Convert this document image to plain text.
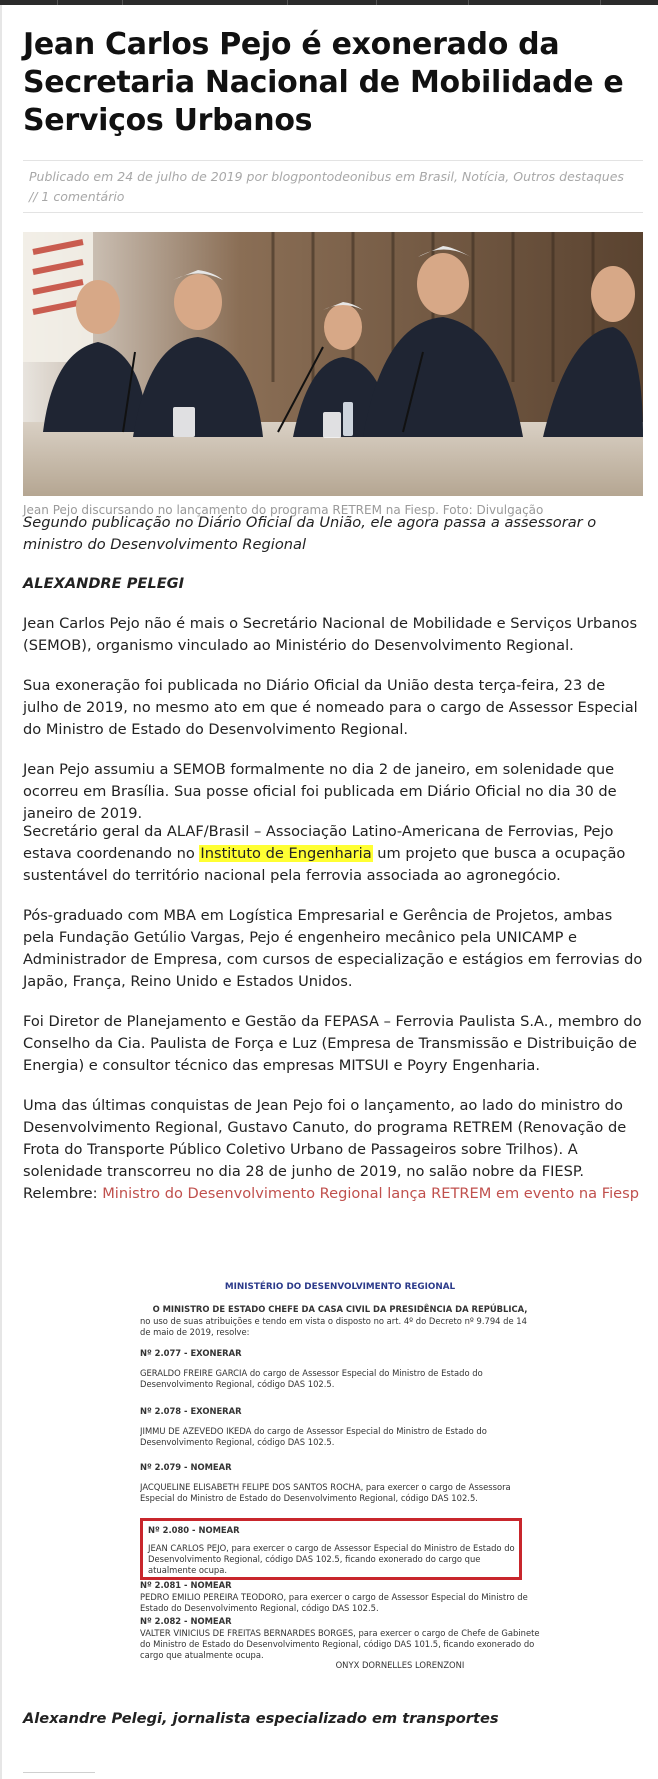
Jean Carlos Pejo é exonerado da Secretaria Nacional de Mobilidade e Serviços Urbanos
Publicado em 24 de julho de 2019 por blogpontodeonibus em Brasil, Notícia, Outros destaques // 1 comentário
Jean Pejo discursando no lançamento do programa RETREM na Fiesp. Foto: Divulgação

Segundo publicação no Diário Oficial da União, ele agora passa a assessorar o ministro do Desenvolvimento Regional

ALEXANDRE PELEGI

Jean Carlos Pejo não é mais o Secretário Nacional de Mobilidade e Serviços Urbanos (SEMOB), organismo vinculado ao Ministério do Desenvolvimento Regional.

Sua exoneração foi publicada no Diário Oficial da União desta terça-feira, 23 de julho de 2019, no mesmo ato em que é nomeado para o cargo de Assessor Especial do Ministro de Estado do Desenvolvimento Regional.

Jean Pejo assumiu a SEMOB formalmente no dia 2 de janeiro, em solenidade que ocorreu em Brasília. Sua posse oficial foi publicada em Diário Oficial no dia 30 de janeiro de 2019.

Secretário geral da ALAF/Brasil – Associação Latino-Americana de Ferrovias, Pejo estava coordenando no Instituto de Engenharia um projeto que busca a ocupação sustentável do território nacional pela ferrovia associada ao agronegócio.

Pós-graduado com MBA em Logística Empresarial e Gerência de Projetos, ambas pela Fundação Getúlio Vargas, Pejo é engenheiro mecânico pela UNICAMP e Administrador de Empresa, com cursos de especialização e estágios em ferrovias do Japão, França, Reino Unido e Estados Unidos.

Foi Diretor de Planejamento e Gestão da FEPASA – Ferrovia Paulista S.A., membro do Conselho da Cia. Paulista de Força e Luz (Empresa de Transmissão e Distribuição de Energia) e consultor técnico das empresas MITSUI e Poyry Engenharia.

Uma das últimas conquistas de Jean Pejo foi o lançamento, ao lado do ministro do Desenvolvimento Regional, Gustavo Canuto, do programa RETREM (Renovação de Frota do Transporte Público Coletivo Urbano de Passageiros sobre Trilhos). A solenidade transcorreu no dia 28 de junho de 2019, no salão nobre da FIESP. Relembre: Ministro do Desenvolvimento Regional lança RETREM em evento na Fiesp

MINISTÉRIO DO DESENVOLVIMENTO REGIONAL

O MINISTRO DE ESTADO CHEFE DA CASA CIVIL DA PRESIDÊNCIA DA REPÚBLICA,

no uso de suas atribuições e tendo em vista o disposto no art. 4º do Decreto nº 9.794 de 14 de maio de 2019, resolve:

Nº 2.077 - EXONERAR

GERALDO FREIRE GARCIA do cargo de Assessor Especial do Ministro de Estado do Desenvolvimento Regional, código DAS 102.5.

Nº 2.078 - EXONERAR

JIMMU DE AZEVEDO IKEDA do cargo de Assessor Especial do Ministro de Estado do Desenvolvimento Regional, código DAS 102.5.

Nº 2.079 - NOMEAR

JACQUELINE ELISABETH FELIPE DOS SANTOS ROCHA, para exercer o cargo de Assessora Especial do Ministro de Estado do Desenvolvimento Regional, código DAS 102.5.

Nº 2.080 - NOMEAR

JEAN CARLOS PEJO, para exercer o cargo de Assessor Especial do Ministro de Estado do Desenvolvimento Regional, código DAS 102.5, ficando exonerado do cargo que atualmente ocupa.

Nº 2.081 - NOMEAR

PEDRO EMILIO PEREIRA TEODORO, para exercer o cargo de Assessor Especial do Ministro de Estado do Desenvolvimento Regional, código DAS 102.5.

Nº 2.082 - NOMEAR

VALTER VINICIUS DE FREITAS BERNARDES BORGES, para exercer o cargo de Chefe de Gabinete do Ministro de Estado do Desenvolvimento Regional, código DAS 101.5, ficando exonerado do cargo que atualmente ocupa.

ONYX DORNELLES LORENZONI

Alexandre Pelegi, jornalista especializado em transportes
